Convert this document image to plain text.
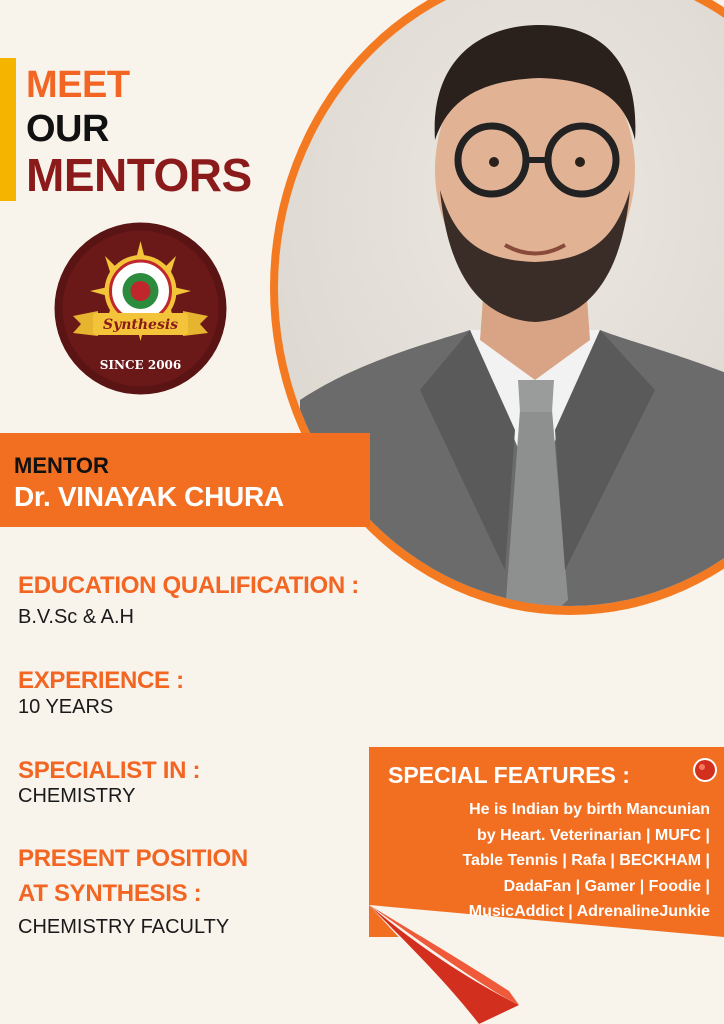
MEET
OUR
MENTORS
Synthesis
SINCE 2006
MENTOR
Dr. VINAYAK CHURA
EDUCATION QUALIFICATION :
B.V.Sc & A.H
EXPERIENCE :
10 YEARS
SPECIALIST IN :
CHEMISTRY
PRESENT POSITION
AT SYNTHESIS :
CHEMISTRY FACULTY
SPECIAL FEATURES :
He is Indian by birth Mancunian
by Heart. Veterinarian | MUFC |
Table Tennis | Rafa | BECKHAM |
DadaFan | Gamer | Foodie |
MusicAddict | AdrenalineJunkie
